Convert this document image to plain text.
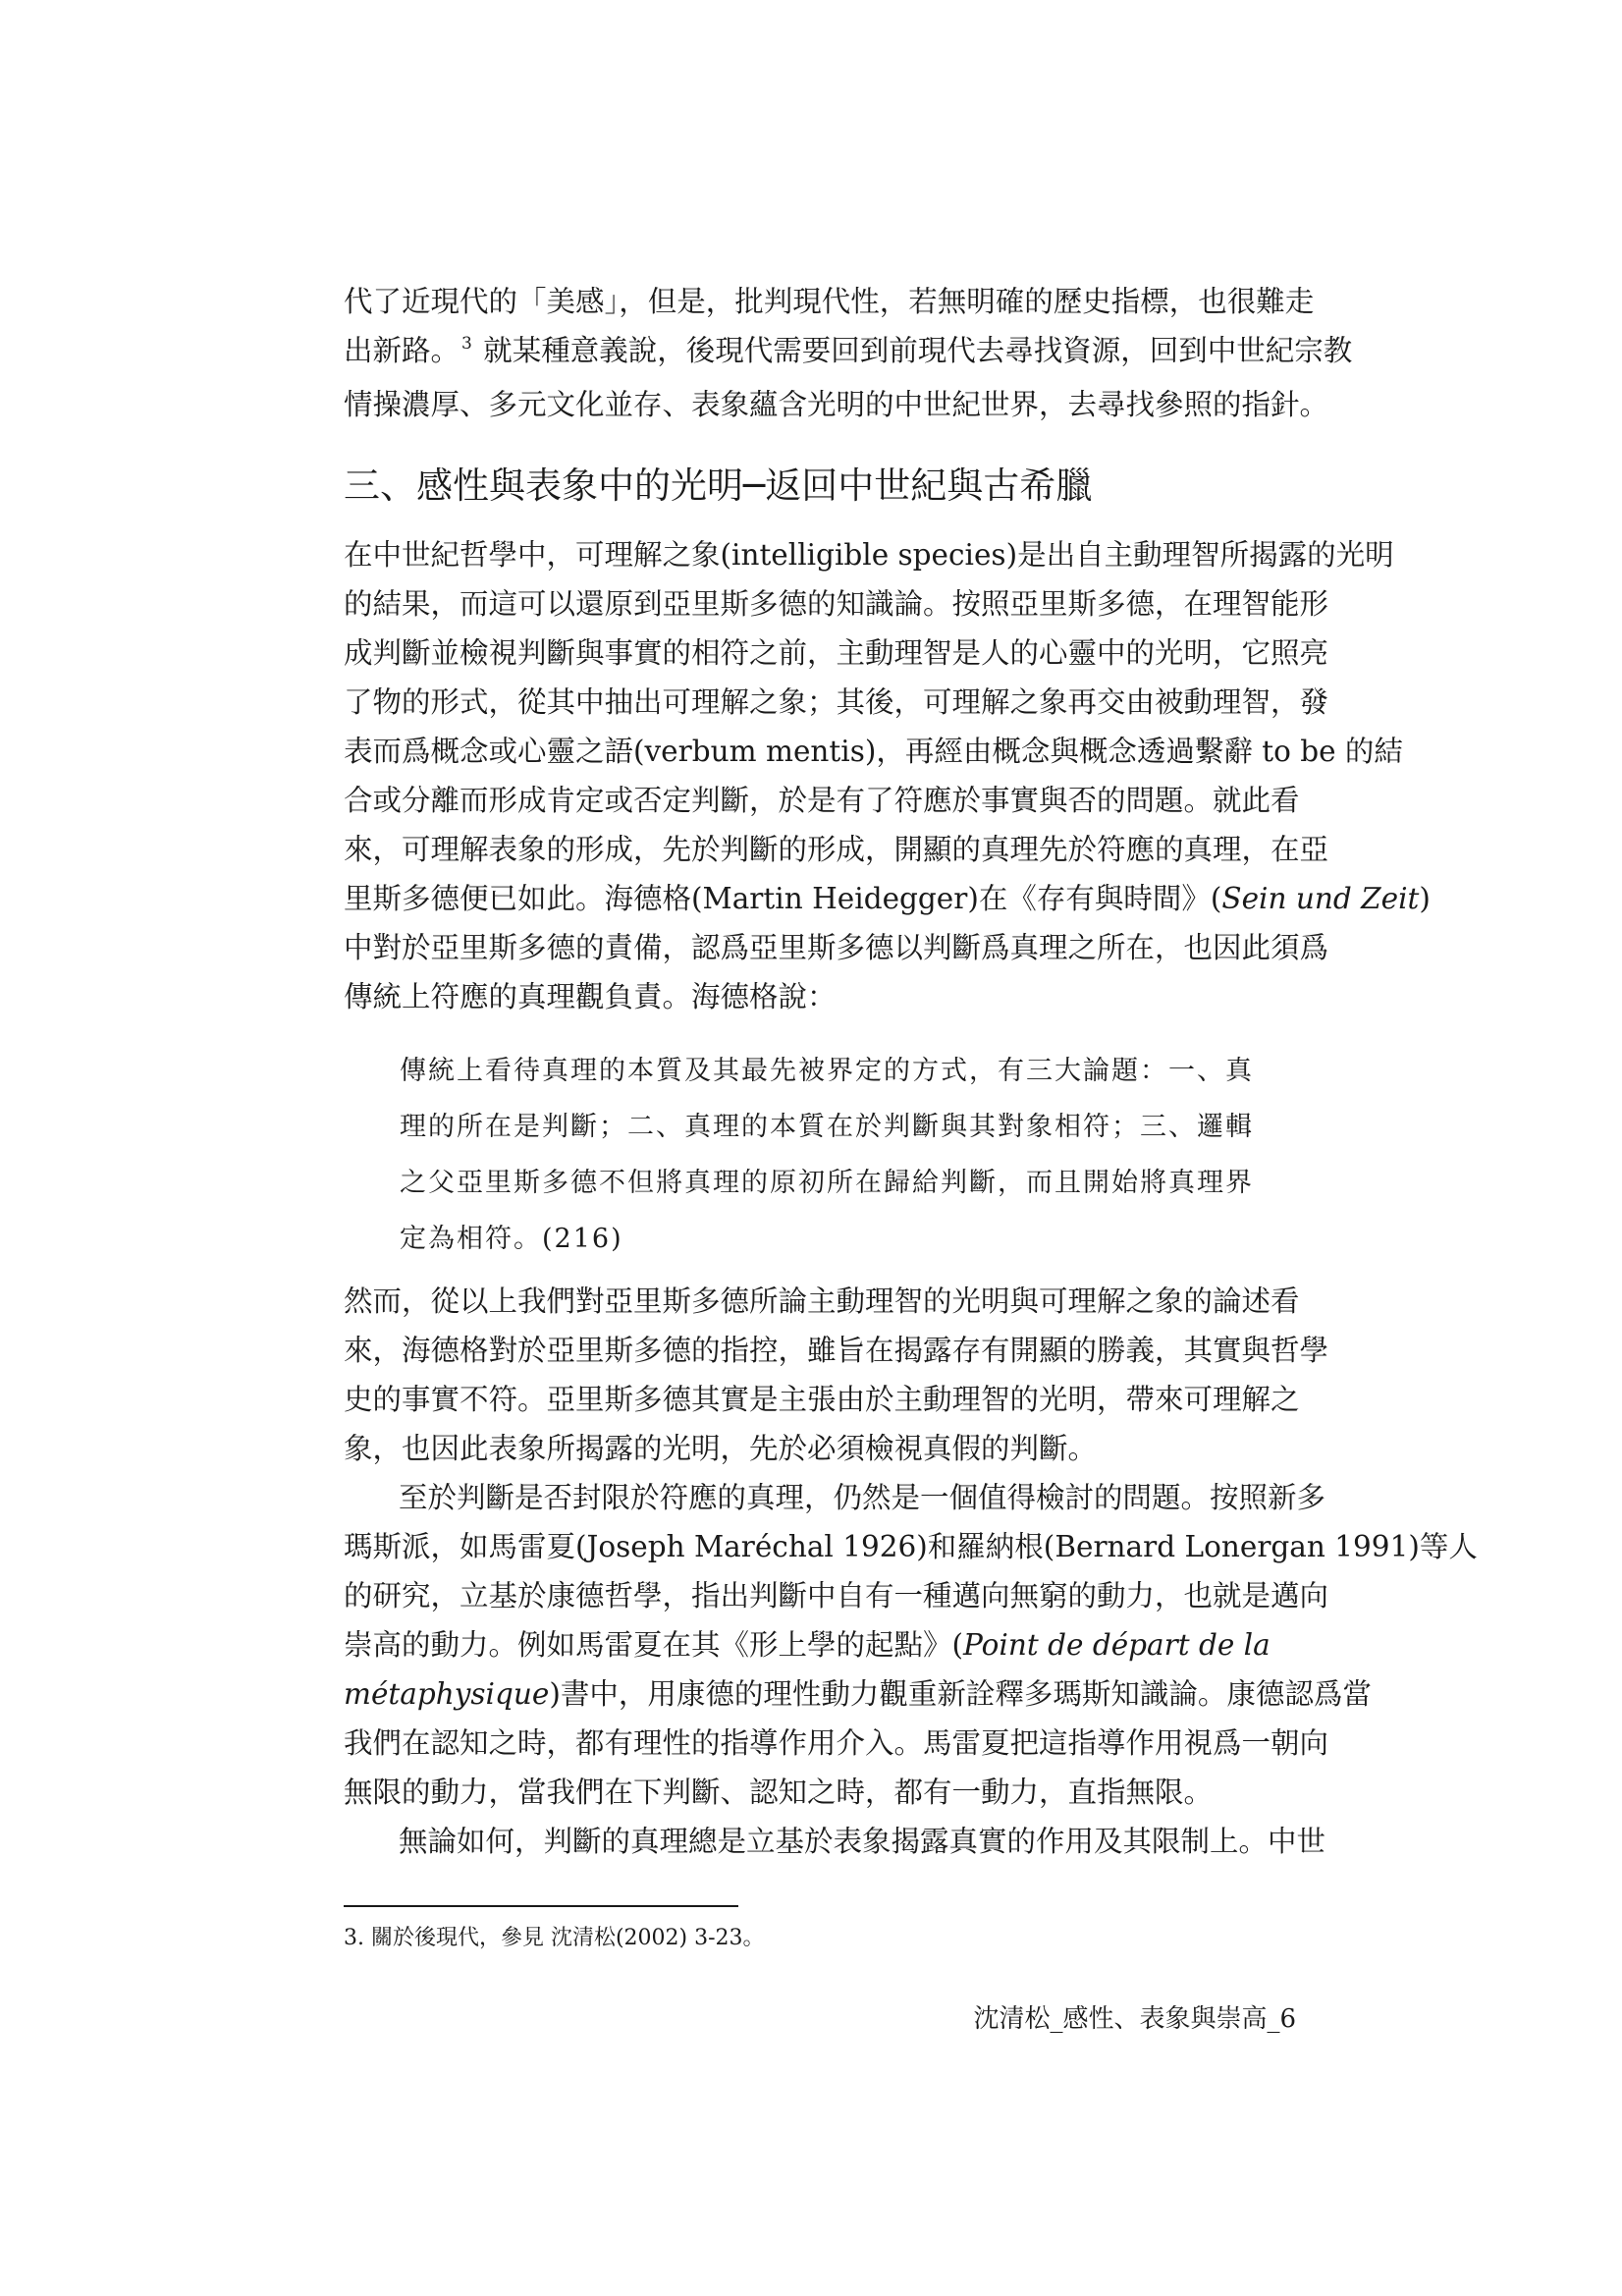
代了近現代的「美感」，但是，批判現代性，若無明確的歷史指標，也很難走
出新路。 $^3$ 就某種意義說，後現代需要回到前現代去尋找資源，回到中世紀宗教
情操濃厚、多元文化並存、表象蘊含光明的中世紀世界，去尋找參照的指針。

三、感性與表象中的光明─返回中世紀與古希臘

在中世紀哲學中，可理解之象(intelligible species)是出自主動理智所揭露的光明
的結果，而這可以還原到亞里斯多德的知識論。按照亞里斯多德，在理智能形
成判斷並檢視判斷與事實的相符之前，主動理智是人的心靈中的光明，它照亮
了物的形式，從其中抽出可理解之象；其後，可理解之象再交由被動理智，發
表而爲概念或心靈之語(verbum mentis)，再經由概念與概念透過繫辭 to be 的結
合或分離而形成肯定或否定判斷，於是有了符應於事實與否的問題。就此看
來，可理解表象的形成，先於判斷的形成，開顯的真理先於符應的真理，在亞
里斯多德便已如此。海德格(Martin Heidegger)在《存有與時間》(Sein und Zeit)
中對於亞里斯多德的責備，認爲亞里斯多德以判斷爲真理之所在，也因此須爲
傳統上符應的真理觀負責。海德格說：

傳統上看待真理的本質及其最先被界定的方式，有三大論題：一、真
理的所在是判斷；二、真理的本質在於判斷與其對象相符；三、邏輯
之父亞里斯多德不但將真理的原初所在歸給判斷，而且開始將真理界
定為相符。(216)

然而，從以上我們對亞里斯多德所論主動理智的光明與可理解之象的論述看
來，海德格對於亞里斯多德的指控，雖旨在揭露存有開顯的勝義，其實與哲學
史的事實不符。亞里斯多德其實是主張由於主動理智的光明，帶來可理解之
象，也因此表象所揭露的光明，先於必須檢視真假的判斷。

至於判斷是否封限於符應的真理，仍然是一個值得檢討的問題。按照新多
瑪斯派，如馬雷夏(Joseph Maréchal 1926)和羅納根(Bernard Lonergan 1991)等人
的研究，立基於康德哲學，指出判斷中自有一種邁向無窮的動力，也就是邁向
崇高的動力。例如馬雷夏在其《形上學的起點》(Point de départ de la
métaphysique)書中，用康德的理性動力觀重新詮釋多瑪斯知識論。康德認爲當
我們在認知之時，都有理性的指導作用介入。馬雷夏把這指導作用視爲一朝向
無限的動力，當我們在下判斷、認知之時，都有一動力，直指無限。

無論如何，判斷的真理總是立基於表象揭露真實的作用及其限制上。中世

3. 關於後現代，參見 沈清松(2002) 3-23。

沈清松_感性、表象與崇高_6
